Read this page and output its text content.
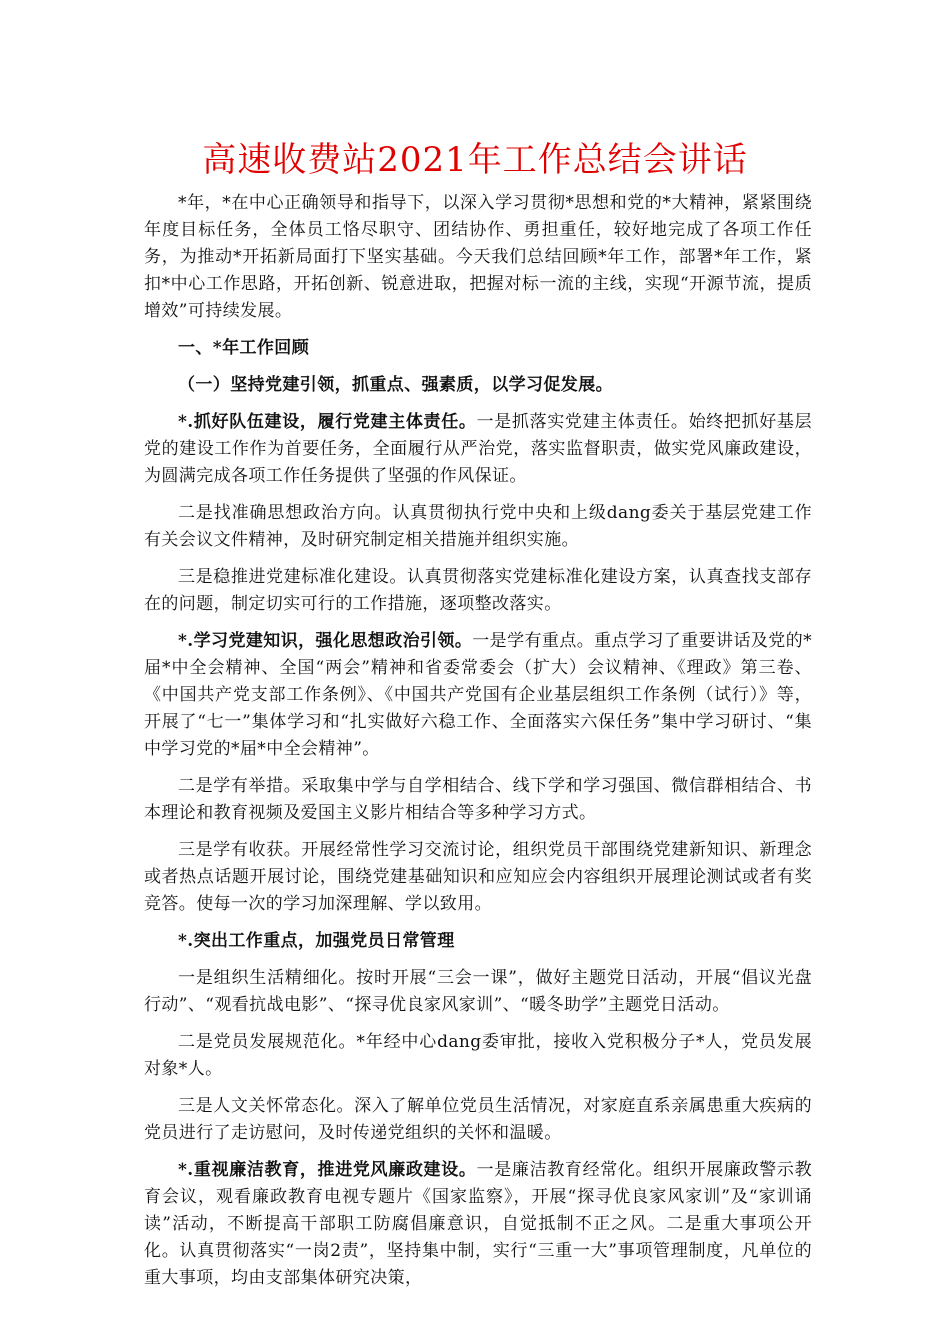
高速收费站2021年工作总结会讲话

*年，*在中心正确领导和指导下，以深入学习贯彻*思想和党的*大精神，紧紧围绕年度目标任务，全体员工恪尽职守、团结协作、勇担重任，较好地完成了各项工作任务，为推动*开拓新局面打下坚实基础。今天我们总结回顾*年工作，部署*年工作，紧扣*中心工作思路，开拓创新、锐意进取，把握对标一流的主线，实现“开源节流，提质增效”可持续发展。

一、*年工作回顾

（一）坚持党建引领，抓重点、强素质，以学习促发展。

*.抓好队伍建设，履行党建主体责任。一是抓落实党建主体责任。始终把抓好基层党的建设工作作为首要任务，全面履行从严治党，落实监督职责，做实党风廉政建设，为圆满完成各项工作任务提供了坚强的作风保证。

二是找准确思想政治方向。认真贯彻执行党中央和上级dang委关于基层党建工作有关会议文件精神，及时研究制定相关措施并组织实施。

三是稳推进党建标准化建设。认真贯彻落实党建标准化建设方案，认真查找支部存在的问题，制定切实可行的工作措施，逐项整改落实。

*.学习党建知识，强化思想政治引领。一是学有重点。重点学习了重要讲话及党的*届*中全会精神、全国“两会”精神和省委常委会（扩大）会议精神、《理政》第三卷、《中国共产党支部工作条例》、《中国共产党国有企业基层组织工作条例（试行）》等，开展了“七一”集体学习和“扎实做好六稳工作、全面落实六保任务”集中学习研讨、“集中学习党的*届*中全会精神”。

二是学有举措。采取集中学与自学相结合、线下学和学习强国、微信群相结合、书本理论和教育视频及爱国主义影片相结合等多种学习方式。

三是学有收获。开展经常性学习交流讨论，组织党员干部围绕党建新知识、新理念或者热点话题开展讨论，围绕党建基础知识和应知应会内容组织开展理论测试或者有奖竞答。使每一次的学习加深理解、学以致用。

*.突出工作重点，加强党员日常管理

一是组织生活精细化。按时开展“三会一课”，做好主题党日活动，开展“倡议光盘行动”、“观看抗战电影”、“探寻优良家风家训”、“暖冬助学”主题党日活动。

二是党员发展规范化。*年经中心dang委审批，接收入党积极分子*人，党员发展对象*人。

三是人文关怀常态化。深入了解单位党员生活情况，对家庭直系亲属患重大疾病的党员进行了走访慰问，及时传递党组织的关怀和温暖。

*.重视廉洁教育，推进党风廉政建设。一是廉洁教育经常化。组织开展廉政警示教育会议，观看廉政教育电视专题片《国家监察》，开展“探寻优良家风家训”及“家训诵读”活动，不断提高干部职工防腐倡廉意识，自觉抵制不正之风。二是重大事项公开化。认真贯彻落实“一岗2责”，坚持集中制，实行“三重一大”事项管理制度，凡单位的重大事项，均由支部集体研究决策，
